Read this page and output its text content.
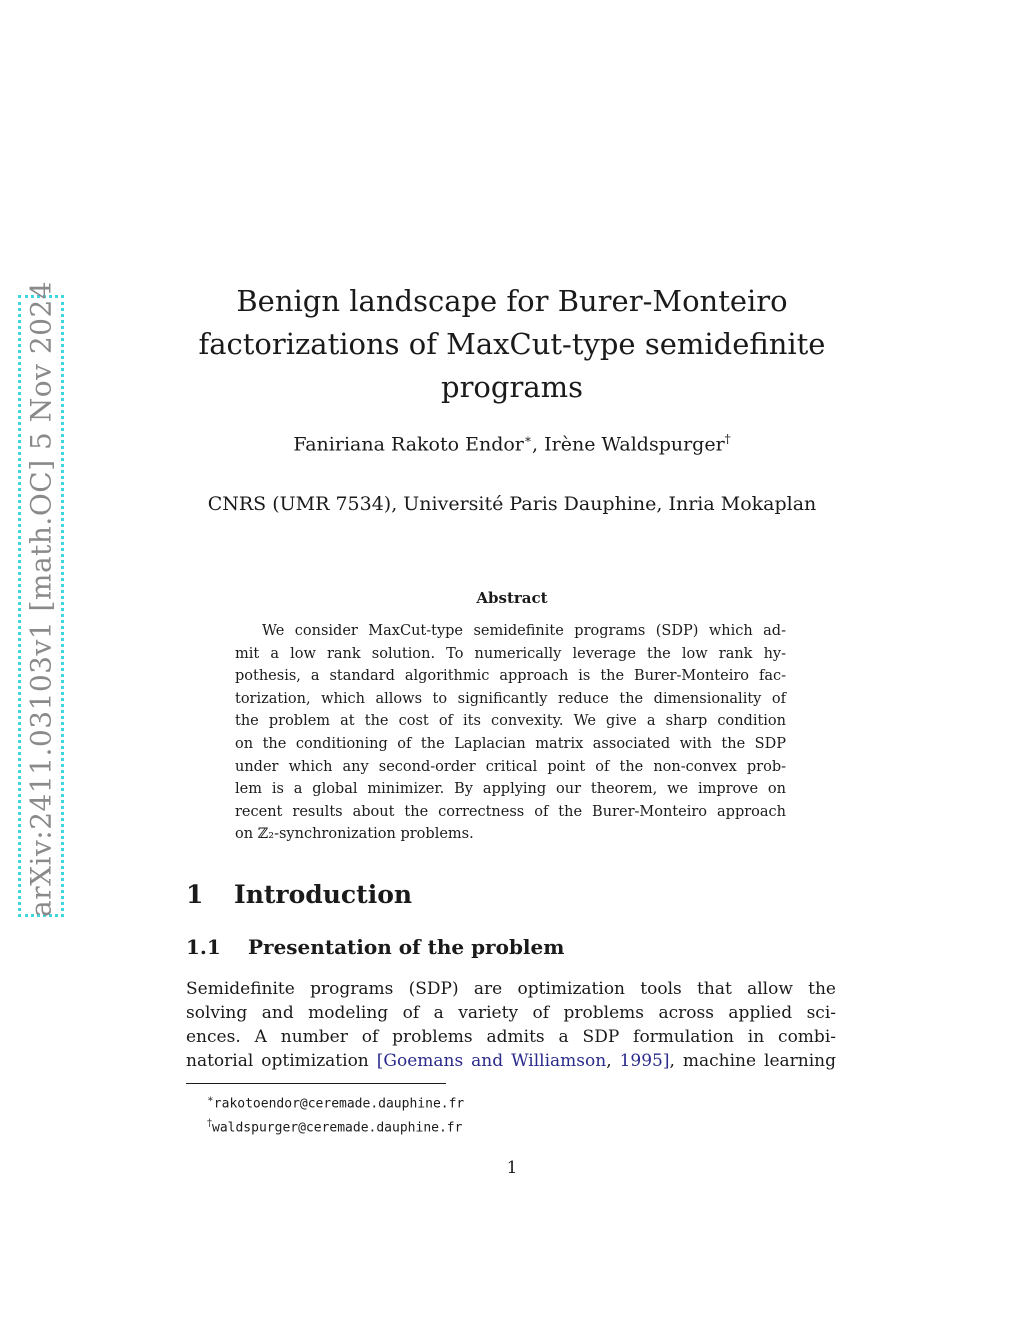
arXiv:2411.03103v1 [math.OC] 5 Nov 2024	Benign landscape for Burer-Monteiro
factorizations of MaxCut-type semidefinite
programs
Faniriana Rakoto Endor∗, Irène Waldspurger†
CNRS (UMR 7534), Université Paris Dauphine, Inria Mokaplan
Abstract
We consider MaxCut-type semidefinite programs (SDP) which ad-
mit a low rank solution. To numerically leverage the low rank hy-
pothesis, a standard algorithmic approach is the Burer-Monteiro fac-
torization, which allows to significantly reduce the dimensionality of
the problem at the cost of its convexity. We give a sharp condition
on the conditioning of the Laplacian matrix associated with the SDP
under which any second-order critical point of the non-convex prob-
lem is a global minimizer. By applying our theorem, we improve on
recent results about the correctness of the Burer-Monteiro approach
on ℤ₂-synchronization problems.
1 Introduction
1.1 Presentation of the problem
Semidefinite programs (SDP) are optimization tools that allow the
solving and modeling of a variety of problems across applied sci-
ences. A number of problems admits a SDP formulation in combi-
natorial optimization [Goemans and Williamson, 1995], machine learning
∗rakotoendor@ceremade.dauphine.fr
†waldspurger@ceremade.dauphine.fr
1
